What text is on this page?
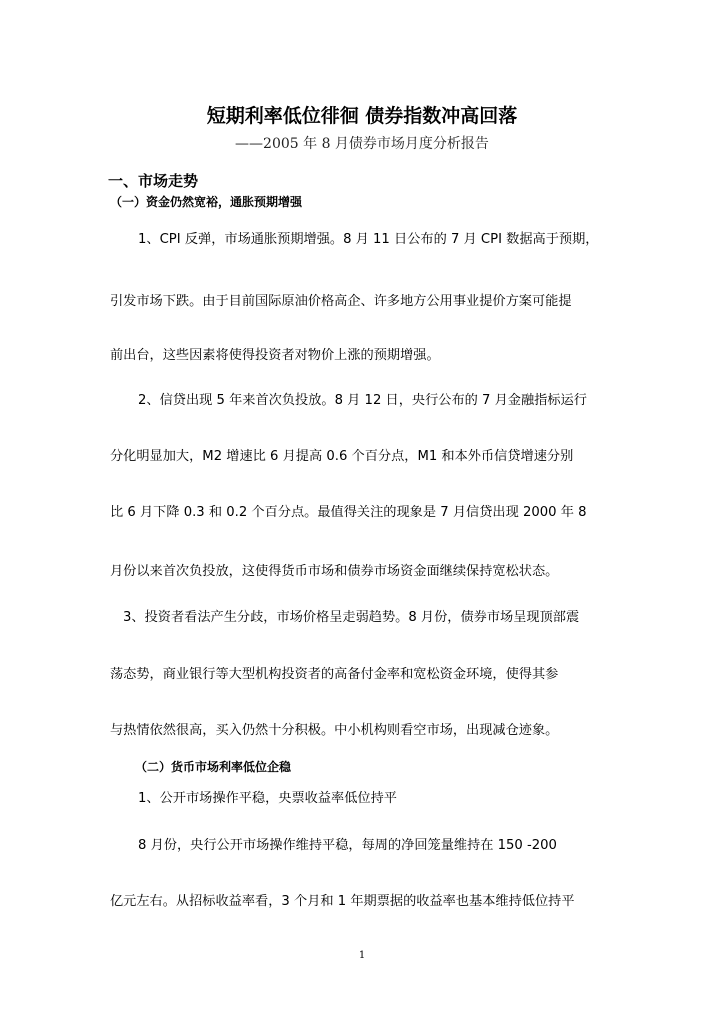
短期利率低位徘徊 债券指数冲高回落
——2005 年 8 月债券市场月度分析报告
一、市场走势
（一）资金仍然宽裕，通胀预期增强
1、CPI 反弹，市场通胀预期增强。8 月 11 日公布的 7 月 CPI 数据高于预期，
引发市场下跌。由于目前国际原油价格高企、许多地方公用事业提价方案可能提
前出台，这些因素将使得投资者对物价上涨的预期增强。
2、信贷出现 5 年来首次负投放。8 月 12 日，央行公布的 7 月金融指标运行
分化明显加大，M2 增速比 6 月提高 0.6 个百分点，M1 和本外币信贷增速分别
比 6 月下降 0.3 和 0.2 个百分点。最值得关注的现象是 7 月信贷出现 2000 年 8
月份以来首次负投放，这使得货币市场和债券市场资金面继续保持宽松状态。
3、投资者看法产生分歧，市场价格呈走弱趋势。8 月份，债券市场呈现顶部震
荡态势，商业银行等大型机构投资者的高备付金率和宽松资金环境，使得其参
与热情依然很高，买入仍然十分积极。中小机构则看空市场，出现减仓迹象。
（二）货币市场利率低位企稳
1、公开市场操作平稳，央票收益率低位持平
8 月份，央行公开市场操作维持平稳，每周的净回笼量维持在 150 -200
亿元左右。从招标收益率看，3 个月和 1 年期票据的收益率也基本维持低位持平
1
